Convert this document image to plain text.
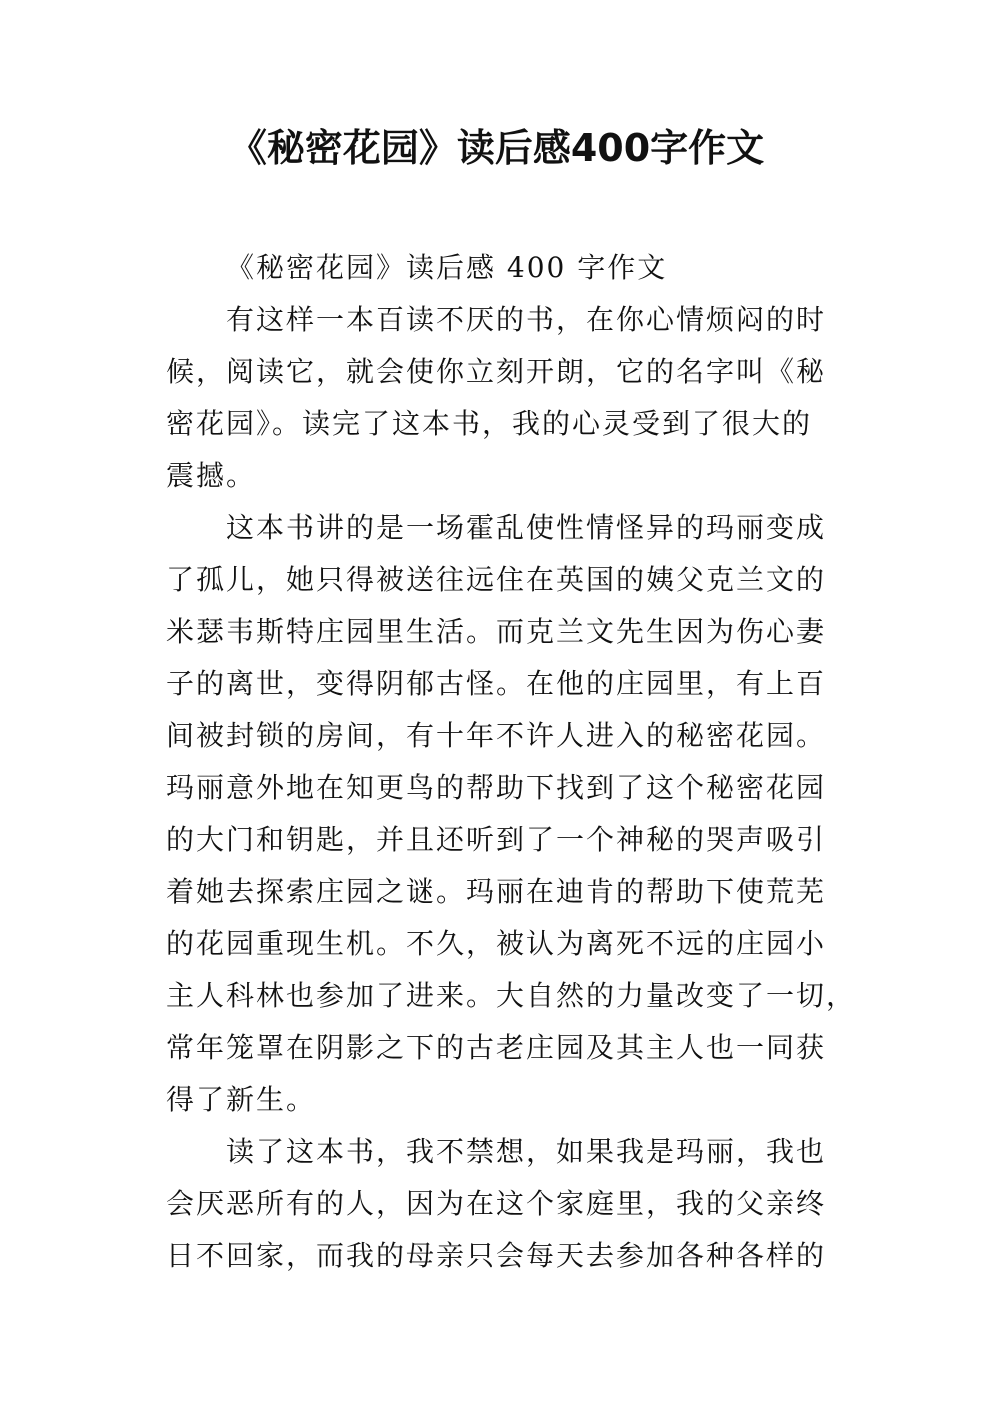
《秘密花园》读后感400字作文
《秘密花园》读后感 400 字作文
有这样一本百读不厌的书，在你心情烦闷的时
候，阅读它，就会使你立刻开朗，它的名字叫《秘
密花园》。读完了这本书，我的心灵受到了很大的
震撼。
这本书讲的是一场霍乱使性情怪异的玛丽变成
了孤儿，她只得被送往远住在英国的姨父克兰文的
米瑟韦斯特庄园里生活。而克兰文先生因为伤心妻
子的离世，变得阴郁古怪。在他的庄园里，有上百
间被封锁的房间，有十年不许人进入的秘密花园。
玛丽意外地在知更鸟的帮助下找到了这个秘密花园
的大门和钥匙，并且还听到了一个神秘的哭声吸引
着她去探索庄园之谜。玛丽在迪肯的帮助下使荒芜
的花园重现生机。不久，被认为离死不远的庄园小
主人科林也参加了进来。大自然的力量改变了一切，
常年笼罩在阴影之下的古老庄园及其主人也一同获
得了新生。
读了这本书，我不禁想，如果我是玛丽，我也
会厌恶所有的人，因为在这个家庭里，我的父亲终
日不回家，而我的母亲只会每天去参加各种各样的
